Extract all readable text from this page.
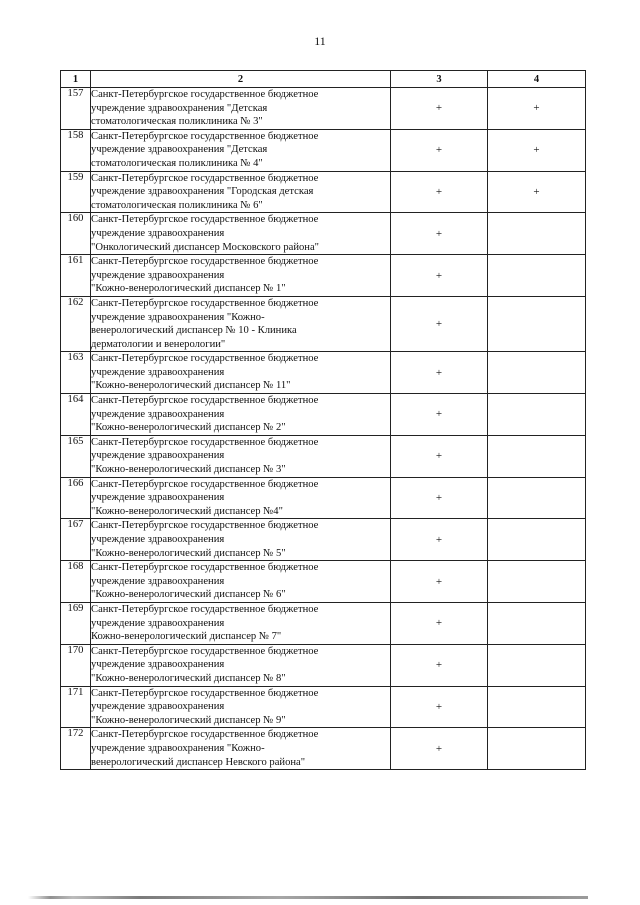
11
1	2	3	4
157	Санкт-Петербургское государственное бюджетное
учреждение здравоохранения "Детская
стоматологическая поликлиника № 3"	+	+
158	Санкт-Петербургское государственное бюджетное
учреждение здравоохранения "Детская
стоматологическая поликлиника № 4"	+	+
159	Санкт-Петербургское государственное бюджетное
учреждение здравоохранения "Городская детская
стоматологическая поликлиника № 6"	+	+
160	Санкт-Петербургское государственное бюджетное
учреждение здравоохранения
"Онкологический диспансер Московского района"	+	
161	Санкт-Петербургское государственное бюджетное
учреждение здравоохранения
"Кожно-венерологический диспансер № 1"	+	
162	Санкт-Петербургское государственное бюджетное
учреждение здравоохранения "Кожно-
венерологический диспансер № 10 - Клиника
дерматологии и венерологии"	+	
163	Санкт-Петербургское государственное бюджетное
учреждение здравоохранения
"Кожно-венерологический диспансер № 11"	+	
164	Санкт-Петербургское государственное бюджетное
учреждение здравоохранения
"Кожно-венерологический диспансер № 2"	+	
165	Санкт-Петербургское государственное бюджетное
учреждение здравоохранения
"Кожно-венерологический диспансер № 3"	+	
166	Санкт-Петербургское государственное бюджетное
учреждение здравоохранения
"Кожно-венерологический диспансер №4"	+	
167	Санкт-Петербургское государственное бюджетное
учреждение здравоохранения
"Кожно-венерологический диспансер № 5"	+	
168	Санкт-Петербургское государственное бюджетное
учреждение здравоохранения
"Кожно-венерологический диспансер № 6"	+	
169	Санкт-Петербургское государственное бюджетное
учреждение здравоохранения
Кожно-венерологический диспансер № 7"	+	
170	Санкт-Петербургское государственное бюджетное
учреждение здравоохранения
"Кожно-венерологический диспансер № 8"	+	
171	Санкт-Петербургское государственное бюджетное
учреждение здравоохранения
"Кожно-венерологический диспансер № 9"	+	
172	Санкт-Петербургское государственное бюджетное
учреждение здравоохранения "Кожно-
венерологический диспансер Невского района"	+	
